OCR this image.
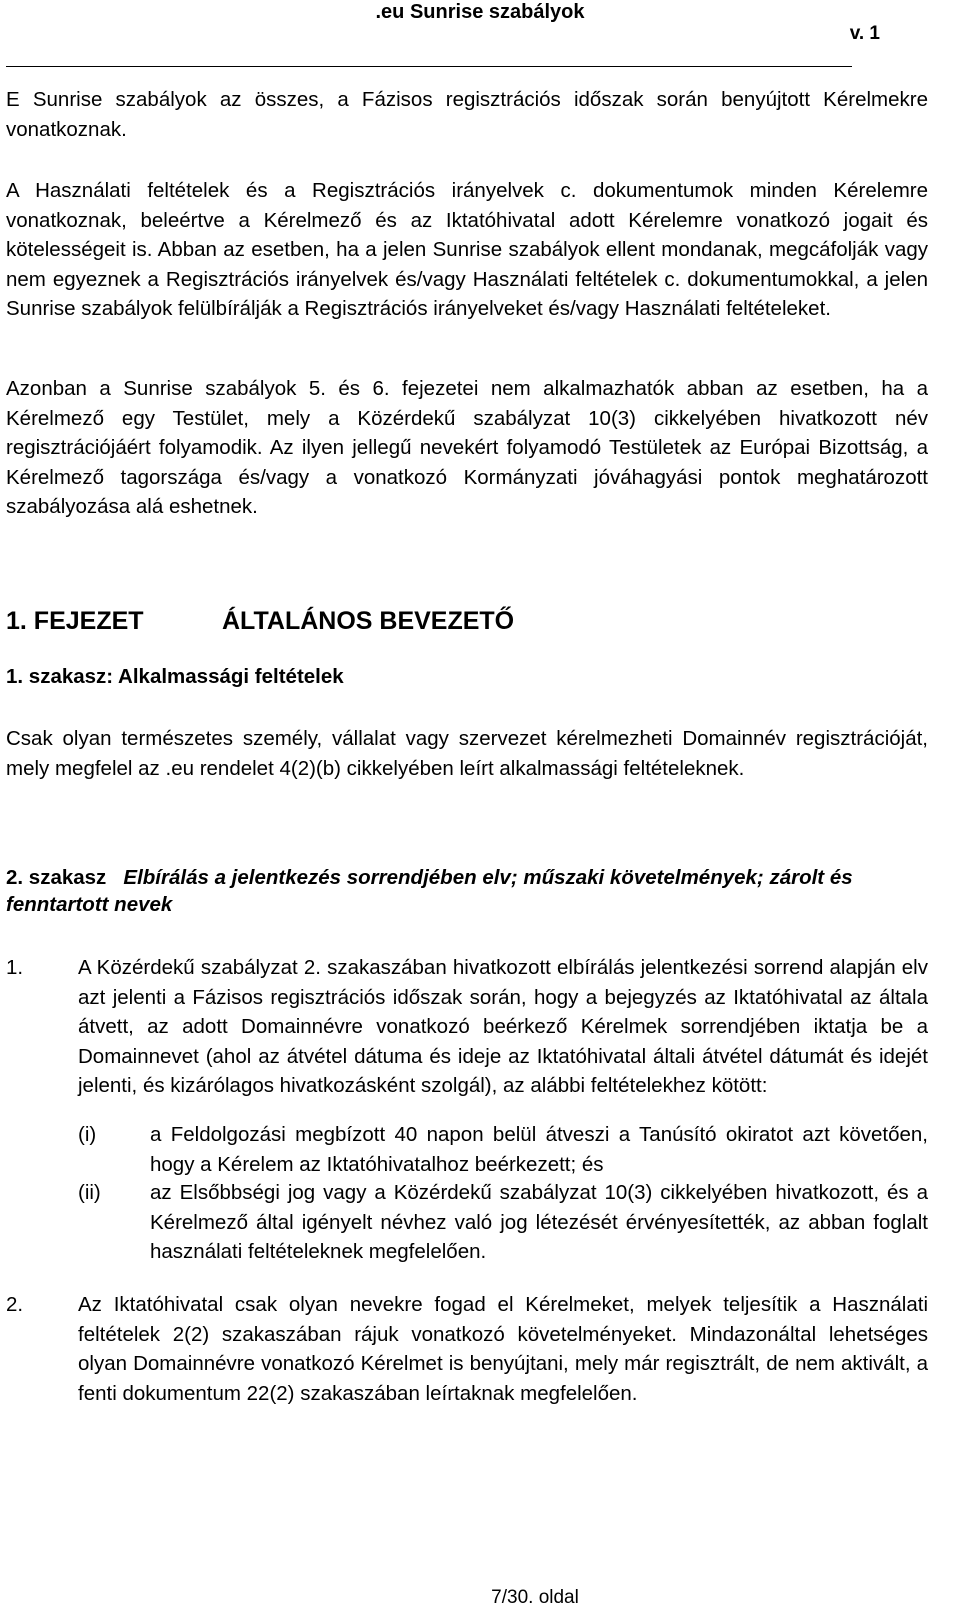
.eu Sunrise szabályok
v. 1

E Sunrise szabályok az összes, a Fázisos regisztrációs időszak során benyújtott Kérelmekre vonatkoznak.

A Használati feltételek és a Regisztrációs irányelvek c. dokumentumok minden Kérelemre vonatkoznak, beleértve a Kérelmező és az Iktatóhivatal adott Kérelemre vonatkozó jogait és kötelességeit is. Abban az esetben, ha a jelen Sunrise szabályok ellent mondanak, megcáfolják vagy nem egyeznek a Regisztrációs irányelvek és/vagy Használati feltételek c. dokumentumokkal, a jelen Sunrise szabályok felülbírálják a Regisztrációs irányelveket és/vagy Használati feltételeket.

Azonban a Sunrise szabályok 5. és 6. fejezetei nem alkalmazhatók abban az esetben, ha a Kérelmező egy Testület, mely a Közérdekű szabályzat 10(3) cikkelyében hivatkozott név regisztrációjáért folyamodik. Az ilyen jellegű nevekért folyamodó Testületek az Európai Bizottság, a Kérelmező tagországa és/vagy a vonatkozó Kormányzati jóváhagyási pontok meghatározott szabályozása alá eshetnek.

1. FEJEZET	ÁLTALÁNOS BEVEZETŐ

1. szakasz: Alkalmassági feltételek

Csak olyan természetes személy, vállalat vagy szervezet kérelmezheti Domainnév regisztrációját, mely megfelel az .eu rendelet 4(2)(b) cikkelyében leírt alkalmassági feltételeknek.

2. szakasz Elbírálás a jelentkezés sorrendjében elv; műszaki követelmények; zárolt és fenntartott nevek

1.	A Közérdekű szabályzat 2. szakaszában hivatkozott elbírálás jelentkezési sorrend alapján elv azt jelenti a Fázisos regisztrációs időszak során, hogy a bejegyzés az Iktatóhivatal az általa átvett, az adott Domainnévre vonatkozó beérkező Kérelmek sorrendjében iktatja be a Domainnevet (ahol az átvétel dátuma és ideje az Iktatóhivatal általi átvétel dátumát és idejét jelenti, és kizárólagos hivatkozásként szolgál), az alábbi feltételekhez kötött:

(i)	a Feldolgozási megbízott 40 napon belül átveszi a Tanúsító okiratot azt követően, hogy a Kérelem az Iktatóhivatalhoz beérkezett; és

(ii) az Elsőbbségi jog vagy a Közérdekű szabályzat 10(3) cikkelyében hivatkozott, és a Kérelmező által igényelt névhez való jog létezését érvényesítették, az abban foglalt használati feltételeknek megfelelően.

2.	Az Iktatóhivatal csak olyan nevekre fogad el Kérelmeket, melyek teljesítik a Használati feltételek 2(2) szakaszában rájuk vonatkozó követelményeket. Mindazonáltal lehetséges olyan Domainnévre vonatkozó Kérelmet is benyújtani, mely már regisztrált, de nem aktivált, a fenti dokumentum 22(2) szakaszában leírtaknak megfelelően.

7/30. oldal
